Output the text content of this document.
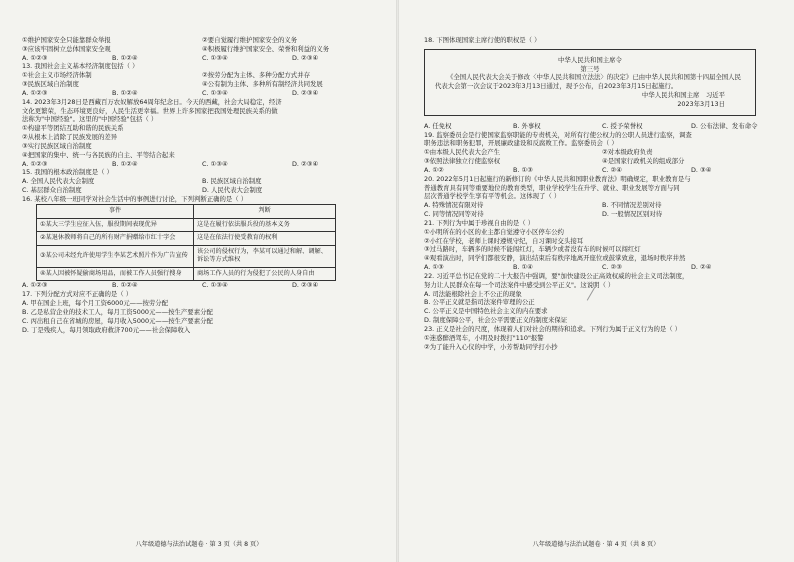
①维护国家安全只能靠群众举报	②要自觉履行维护国家安全的义务
③应该牢固树立总体国家安全观	④积极履行维护国家安全、荣誉和利益的义务
A. ①②③	B. ①②④	C. ①③④	D. ②③④

13. 我国社会主义基本经济制度包括（ ）

①社会主义市场经济体制	②按劳分配为主体、多种分配方式并存
③民族区域自治制度	④公有制为主体、多种所有制经济共同发展
A. ①②③	B. ①②④	C. ①③④	D. ②③④

14. 2023年3月28日是西藏百万农奴解放64周年纪念日。今天的西藏，社会大局稳定，经济

文化更繁荣，生态环境更良好，人民生活更幸福。世界上许多国家把我国处理民族关系的做

法称为"中国经验"。这里的"中国经验"包括（ ）

①构建平等团结互助和谐的民族关系

②从根本上消除了民族发展的差异

③实行民族区域自治制度

④把国家的集中、统一与各民族的自主、平等结合起来

A. ①②③	B. ①②④	C. ①③④	D. ②③④

15. 我国的根本政治制度是（ ）

A. 全国人民代表大会制度	B. 民族区域自治制度
C. 基层群众自治制度	D. 人民代表大会制度

16. 某校八年级一班同学对社会生活中的事例进行讨论，下列判断正确的是（ ）

事件	判断
①某大三学生应征入伍，服役期间表现优异	这是在履行依法服兵役的基本义务
②某退休教师将自己的所有财产捐赠给市红十字会	这是在依法行使受教育的权利
③某公司未经允许使用学生李某艺术照片作为广告宣传	该公司的侵权行为，李某可以通过和解、调解、诉讼等方式维权
④某人因被怀疑偷商场用品，而被工作人员强行搜身	商场工作人员的行为侵犯了公民的人身自由
A. ①②③	B. ①②④	C. ①③④	D. ②③④

17. 下列分配方式对应不正确的是（ ）

A. 甲在国企上班，每个月工资6000元——按劳分配

B. 乙是私营企业的技术工人，每月工资5000元——按生产要素分配

C. 丙出租自己在省城的房屋，每月收入5000元——按生产要素分配

D. 丁是残疾人，每月领取政府救济700元——社会保障收入

八年级道德与法治试题卷 · 第 3 页（共 8 页）

18. 下图体现国家主席行使的职权是（ ）

中华人民共和国主席令

第三号

《全国人民代表大会关于修改〈中华人民共和国立法法〉的决定》已由中华人民共和国第十四届全国人民代表大会第一次会议于2023年3月13日通过，现予公布，自2023年3月15日起施行。

中华人民共和国主席　习近平

2023年3月13日

A. 任免权	B. 外事权	C. 授予荣誉权	D. 公布法律、发布命令

19. 监察委员会是行使国家监察职能的专责机关，对所有行使公权力的公职人员进行监察，调查

职务违法和职务犯罪，开展廉政建设和反腐败工作。监察委员会（ ）

①由本级人民代表大会产生	②对本级政府负责
③依照法律独立行使监察权	④是国家行政机关的组成部分
A. ①②	B. ①③	C. ②④	D. ③④

20. 2022年5月1日起施行的新修订的《中华人民共和国职业教育法》明确规定，职业教育是与

普通教育具有同等重要地位的教育类型，职业学校学生在升学、就业、职业发展等方面与同

层次普通学校学生享有平等机会。这体现了（ ）

A. 特殊情况有限对待	B. 不同情况差别对待
C. 同等情况同等对待	D. 一般情况区别对待

21. 下列行为中属于珍视自由的是（ ）

①小明所在的小区的业主都自觉遵守小区停车公约

②小红在学校，老师上课时遵规守纪，自习课时交头接耳

③过马路时，车辆多的时候不能闯红灯，车辆少或者没有车的时候可以闯红灯

④观看演出时，同学们都很安静，演出结束后有秩序地离开座位或鼓掌致意，退场时秩序井然

A. ①③	B. ①④	C. ②③	D. ②④

22. 习近平总书记在党的二十大报告中强调，要"加快建设公正高效权威的社会主义司法制度，

努力让人民群众在每一个司法案件中感受到公平正义"。这说明（ ）

A. 司法能根除社会上不公正的现象

B. 公平正义就是指司法案件审理的公正

C. 公平正义是中国特色社会主义的内在要求

D. 制度保障公平，社会公平需要正义的制度来保证

23. 正义是社会的尺度，体现着人们对社会的期待和追求。下列行为属于正义行为的是（ ）

①迷惑醉酒驾车，小明及时拨打"110"报警

②为了能升入心仪的中学，小芳帮助同学打小抄

八年级道德与法治试题卷 · 第 4 页（共 8 页）
